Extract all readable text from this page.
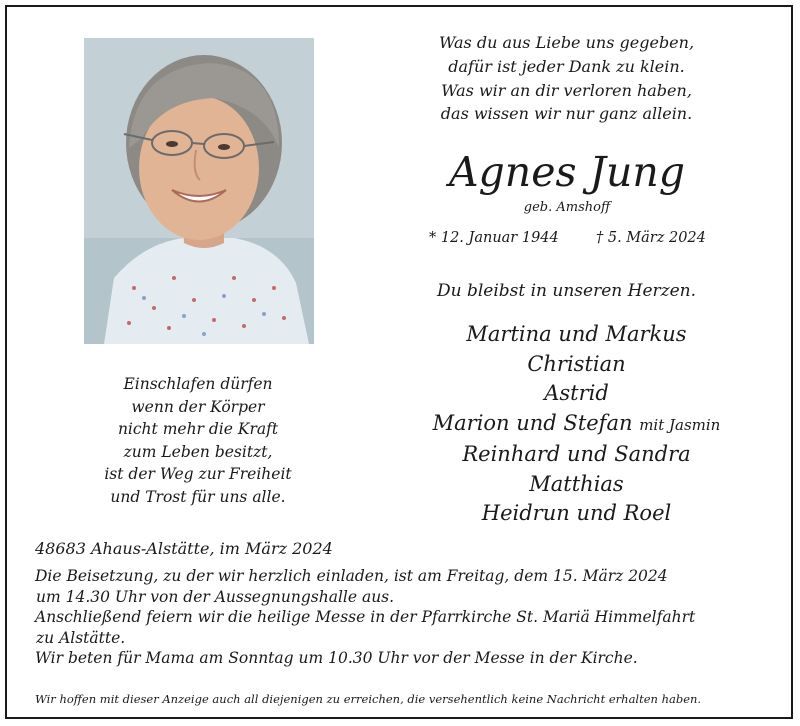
Was du aus Liebe uns gegeben,
dafür ist jeder Dank zu klein.
Was wir an dir verloren haben,
das wissen wir nur ganz allein.
Agnes Jung
geb. Amshoff
* 12. Januar 1944	† 5. März 2024
Du bleibst in unseren Herzen.
Martina und Markus
Christian
Astrid
Marion und Stefan mit Jasmin
Reinhard und Sandra
Matthias
Heidrun und Roel
Einschlafen dürfen
wenn der Körper
nicht mehr die Kraft
zum Leben besitzt,
ist der Weg zur Freiheit
und Trost für uns alle.
48683 Ahaus-Alstätte, im März 2024
Die Beisetzung, zu der wir herzlich einladen, ist am Freitag, dem 15. März 2024
um 14.30 Uhr von der Aussegnungshalle aus.
Anschließend feiern wir die heilige Messe in der Pfarrkirche St. Mariä Himmelfahrt
zu Alstätte.
Wir beten für Mama am Sonntag um 10.30 Uhr vor der Messe in der Kirche.
Wir hoffen mit dieser Anzeige auch all diejenigen zu erreichen, die versehentlich keine Nachricht erhalten haben.
